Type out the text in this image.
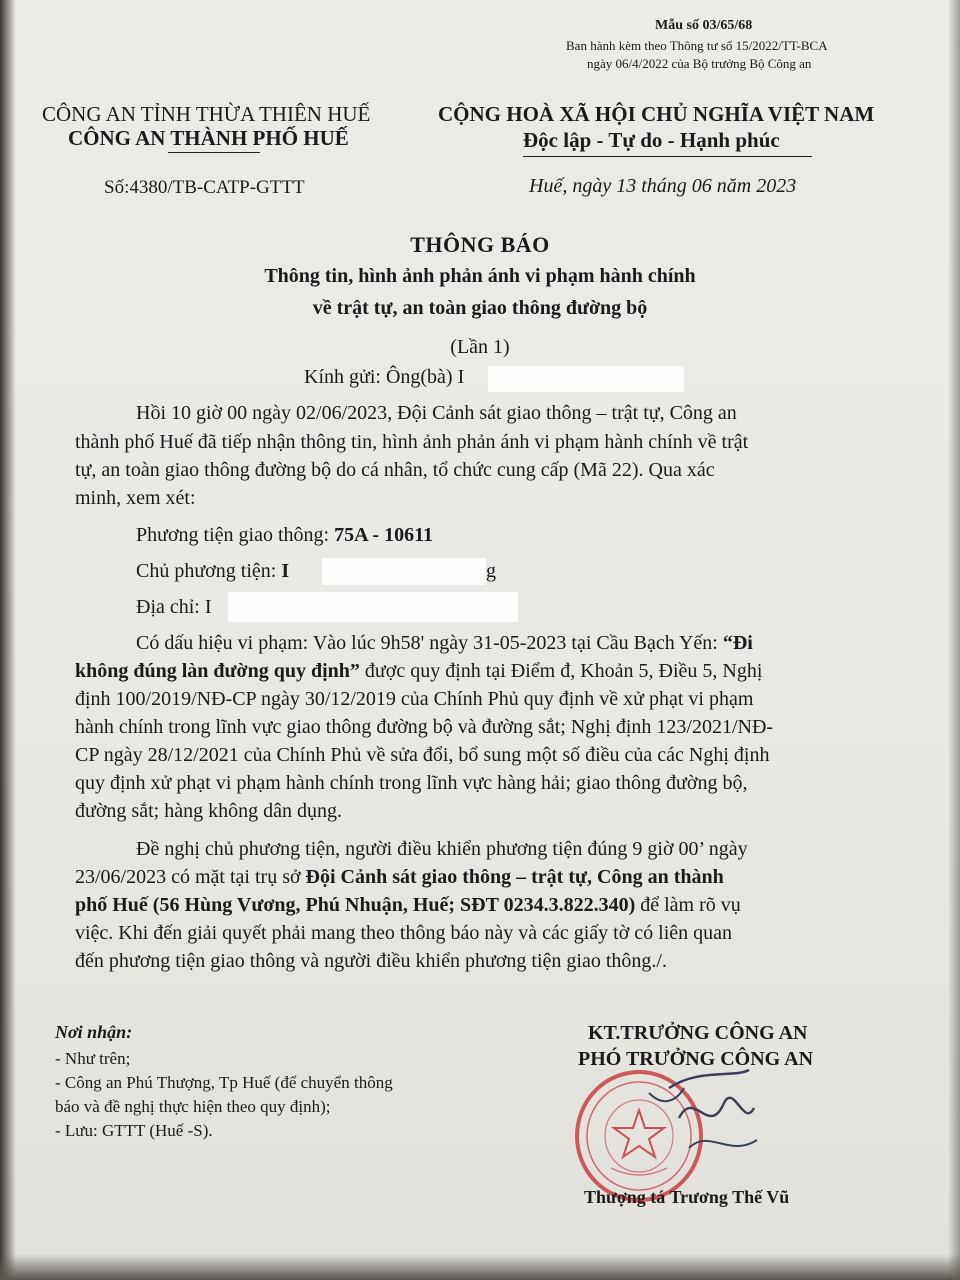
Mẫu số 03/65/68
Ban hành kèm theo Thông tư số 15/2022/TT-BCA
ngày 06/4/2022 của Bộ trưởng Bộ Công an
CÔNG AN TỈNH THỪA THIÊN HUẾ
CÔNG AN THÀNH PHỐ HUẾ
CỘNG HOÀ XÃ HỘI CHỦ NGHĨA VIỆT NAM
Độc lập - Tự do - Hạnh phúc
Số:4380/TB-CATP-GTTT	Huế, ngày 13 tháng 06 năm 2023
THÔNG BÁO
Thông tin, hình ảnh phản ánh vi phạm hành chính
về trật tự, an toàn giao thông đường bộ
(Lần 1)
Kính gửi: Ông(bà) I
Hồi 10 giờ 00 ngày 02/06/2023, Đội Cảnh sát giao thông – trật tự, Công an
thành phố Huế đã tiếp nhận thông tin, hình ảnh phản ánh vi phạm hành chính về trật
tự, an toàn giao thông đường bộ do cá nhân, tổ chức cung cấp (Mã 22). Qua xác
minh, xem xét:
Phương tiện giao thông: 75A - 10611
Chủ phương tiện: I	g
Địa chỉ: I
Có dấu hiệu vi phạm: Vào lúc 9h58' ngày 31-05-2023 tại Cầu Bạch Yến: “Đi
không đúng làn đường quy định” được quy định tại Điểm đ, Khoản 5, Điều 5, Nghị
định 100/2019/NĐ-CP ngày 30/12/2019 của Chính Phủ quy định về xử phạt vi phạm
hành chính trong lĩnh vực giao thông đường bộ và đường sắt; Nghị định 123/2021/NĐ-
CP ngày 28/12/2021 của Chính Phủ về sửa đổi, bổ sung một số điều của các Nghị định
quy định xử phạt vi phạm hành chính trong lĩnh vực hàng hải; giao thông đường bộ,
đường sắt; hàng không dân dụng.
Đề nghị chủ phương tiện, người điều khiển phương tiện đúng 9 giờ 00’ ngày
23/06/2023 có mặt tại trụ sở Đội Cảnh sát giao thông – trật tự, Công an thành
phố Huế (56 Hùng Vương, Phú Nhuận, Huế; SĐT 0234.3.822.340) để làm rõ vụ
việc. Khi đến giải quyết phải mang theo thông báo này và các giấy tờ có liên quan
đến phương tiện giao thông và người điều khiển phương tiện giao thông./.
Nơi nhận:
- Như trên;
- Công an Phú Thượng, Tp Huế (để chuyển thông
báo và đề nghị thực hiện theo quy định);
- Lưu: GTTT (Huế -S).
KT.TRƯỞNG CÔNG AN
PHÓ TRƯỞNG CÔNG AN
Thượng tá Trương Thế Vũ
